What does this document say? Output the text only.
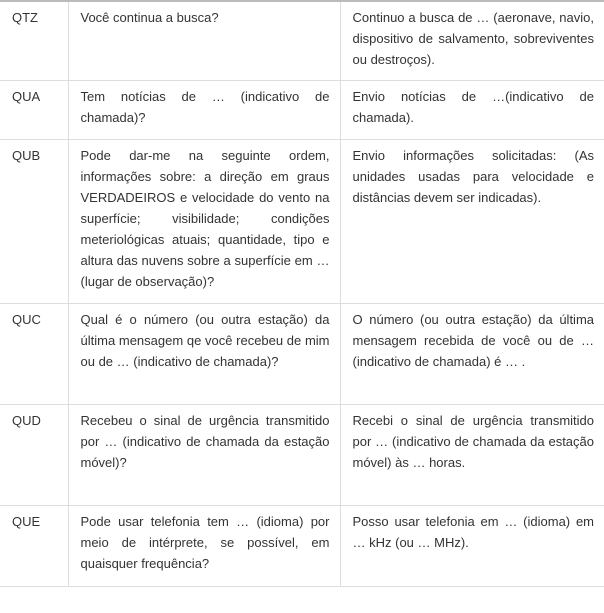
QTZ	Você continua a busca?	Continuo a busca de … (aeronave, navio, dispositivo de salvamento, sobreviventes ou destroços).
QUA	Tem notícias de … (indicativo de chamada)?	Envio notícias de …(indicativo de chamada).
QUB	Pode dar-me na seguinte ordem, informações sobre: a direção em graus VERDADEIROS e velocidade do vento na superfície; visibilidade; condições meteriológicas atuais; quantidade, tipo e altura das nuvens sobre a superfície em … (lugar de observação)?	Envio informações solicitadas: (As unidades usadas para velocidade e distâncias devem ser indicadas).
QUC	Qual é o número (ou outra estação) da última mensagem qe você recebeu de mim ou de … (indicativo de chamada)?	O número (ou outra estação) da última mensagem recebida de você ou de … (indicativo de chamada) é … .
QUD	Recebeu o sinal de urgência transmitido por … (indicativo de chamada da estação móvel)?	Recebi o sinal de urgência transmitido por … (indicativo de chamada da estação móvel) às … horas.
QUE	Pode usar telefonia tem … (idioma) por meio de intérprete, se possível, em quaisquer frequência?	Posso usar telefonia em … (idioma) em … kHz (ou … MHz).
